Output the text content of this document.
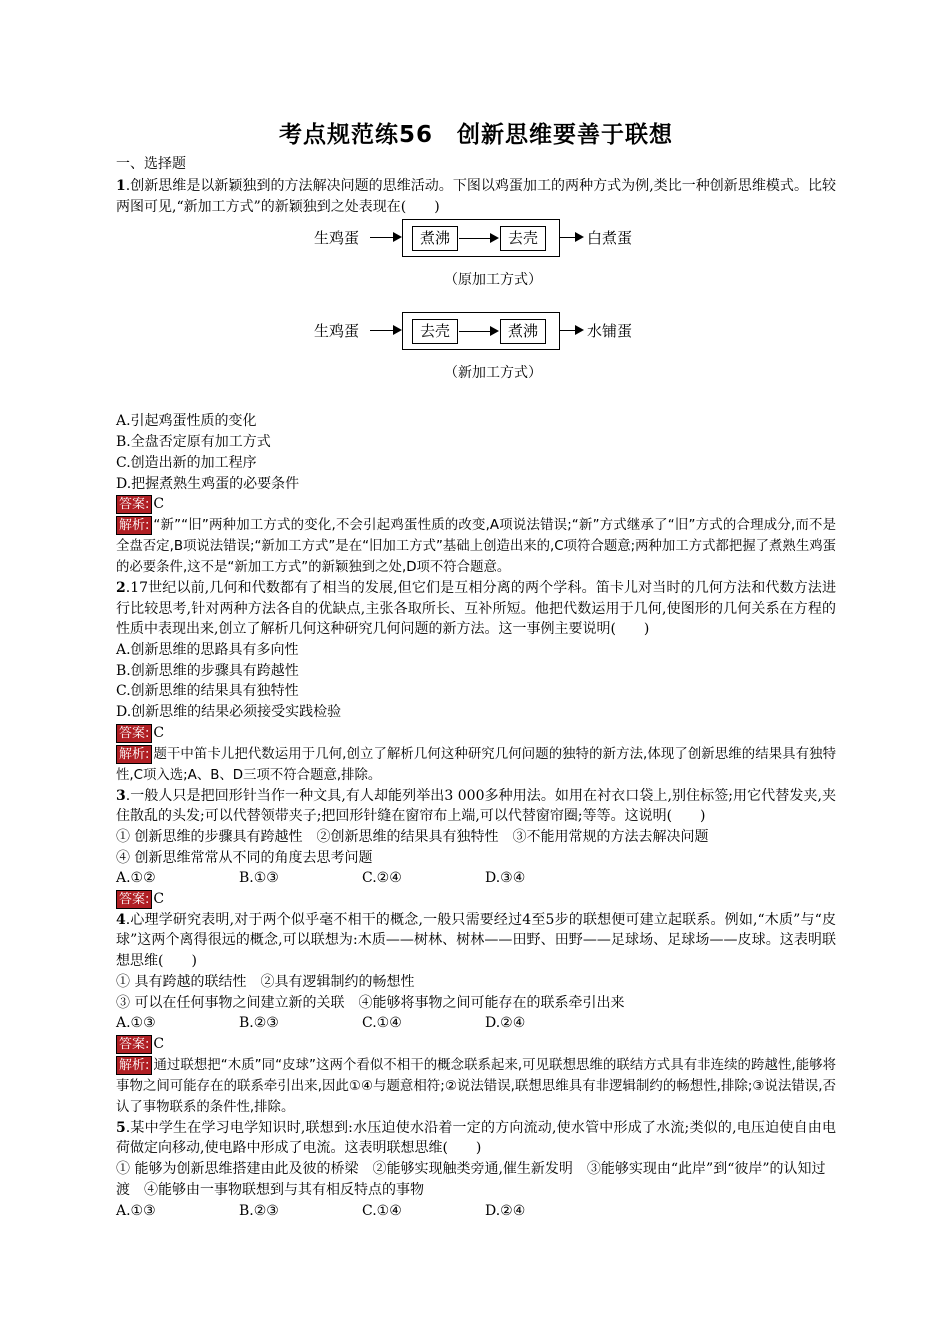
考点规范练56　创新思维要善于联想

一、选择题

1.创新思维是以新颖独到的方法解决问题的思维活动。下图以鸡蛋加工的两种方式为例,类比一种创新思维模式。比较两图可见,“新加工方式”的新颖独到之处表现在(　　)

生鸡蛋	煮沸	去壳	白煮蛋
（原加工方式）
生鸡蛋	去壳	煮沸	水铺蛋
（新加工方式）

A.引起鸡蛋性质的变化

B.全盘否定原有加工方式

C.创造出新的加工程序

D.把握煮熟生鸡蛋的必要条件

答案: C

解析: “新”“旧”两种加工方式的变化,不会引起鸡蛋性质的改变,A项说法错误;“新”方式继承了“旧”方式的合理成分,而不是全盘否定,B项说法错误;“新加工方式”是在“旧加工方式”基础上创造出来的,C项符合题意;两种加工方式都把握了煮熟生鸡蛋的必要条件,这不是“新加工方式”的新颖独到之处,D项不符合题意。

2.17世纪以前,几何和代数都有了相当的发展,但它们是互相分离的两个学科。笛卡儿对当时的几何方法和代数方法进行比较思考,针对两种方法各自的优缺点,主张各取所长、互补所短。他把代数运用于几何,使图形的几何关系在方程的性质中表现出来,创立了解析几何这种研究几何问题的新方法。这一事例主要说明(　　)

A.创新思维的思路具有多向性

B.创新思维的步骤具有跨越性

C.创新思维的结果具有独特性

D.创新思维的结果必须接受实践检验

答案: C

解析: 题干中笛卡儿把代数运用于几何,创立了解析几何这种研究几何问题的独特的新方法,体现了创新思维的结果具有独特性,C项入选;A、B、D三项不符合题意,排除。

3.一般人只是把回形针当作一种文具,有人却能列举出3 000多种用法。如用在衬衣口袋上,别住标签;用它代替发夹,夹住散乱的头发;可以代替领带夹子;把回形针缝在窗帘布上端,可以代替窗帘圈;等等。这说明(　　)

① 创新思维的步骤具有跨越性　②创新思维的结果具有独特性　③不能用常规的方法去解决问题

④ 创新思维常常从不同的角度去思考问题

A.①②	B.①③	C.②④	D.③④

答案: C

4.心理学研究表明,对于两个似乎毫不相干的概念,一般只需要经过4至5步的联想便可建立起联系。例如,“木质”与“皮球”这两个离得很远的概念,可以联想为:木质——树林、树林——田野、田野——足球场、足球场——皮球。这表明联想思维(　　)

① 具有跨越的联结性　②具有逻辑制约的畅想性

③ 可以在任何事物之间建立新的关联　④能够将事物之间可能存在的联系牵引出来

A.①③	B.②③	C.①④	D.②④

答案: C

解析: 通过联想把“木质”同“皮球”这两个看似不相干的概念联系起来,可见联想思维的联结方式具有非连续的跨越性,能够将事物之间可能存在的联系牵引出来,因此①④与题意相符;②说法错误,联想思维具有非逻辑制约的畅想性,排除;③说法错误,否认了事物联系的条件性,排除。

5.某中学生在学习电学知识时,联想到:水压迫使水沿着一定的方向流动,使水管中形成了水流;类似的,电压迫使自由电荷做定向移动,使电路中形成了电流。这表明联想思维(　　)

① 能够为创新思维搭建由此及彼的桥梁　②能够实现触类旁通,催生新发明　③能够实现由“此岸”到“彼岸”的认知过渡　④能够由一事物联想到与其有相反特点的事物

A.①③	B.②③	C.①④	D.②④
